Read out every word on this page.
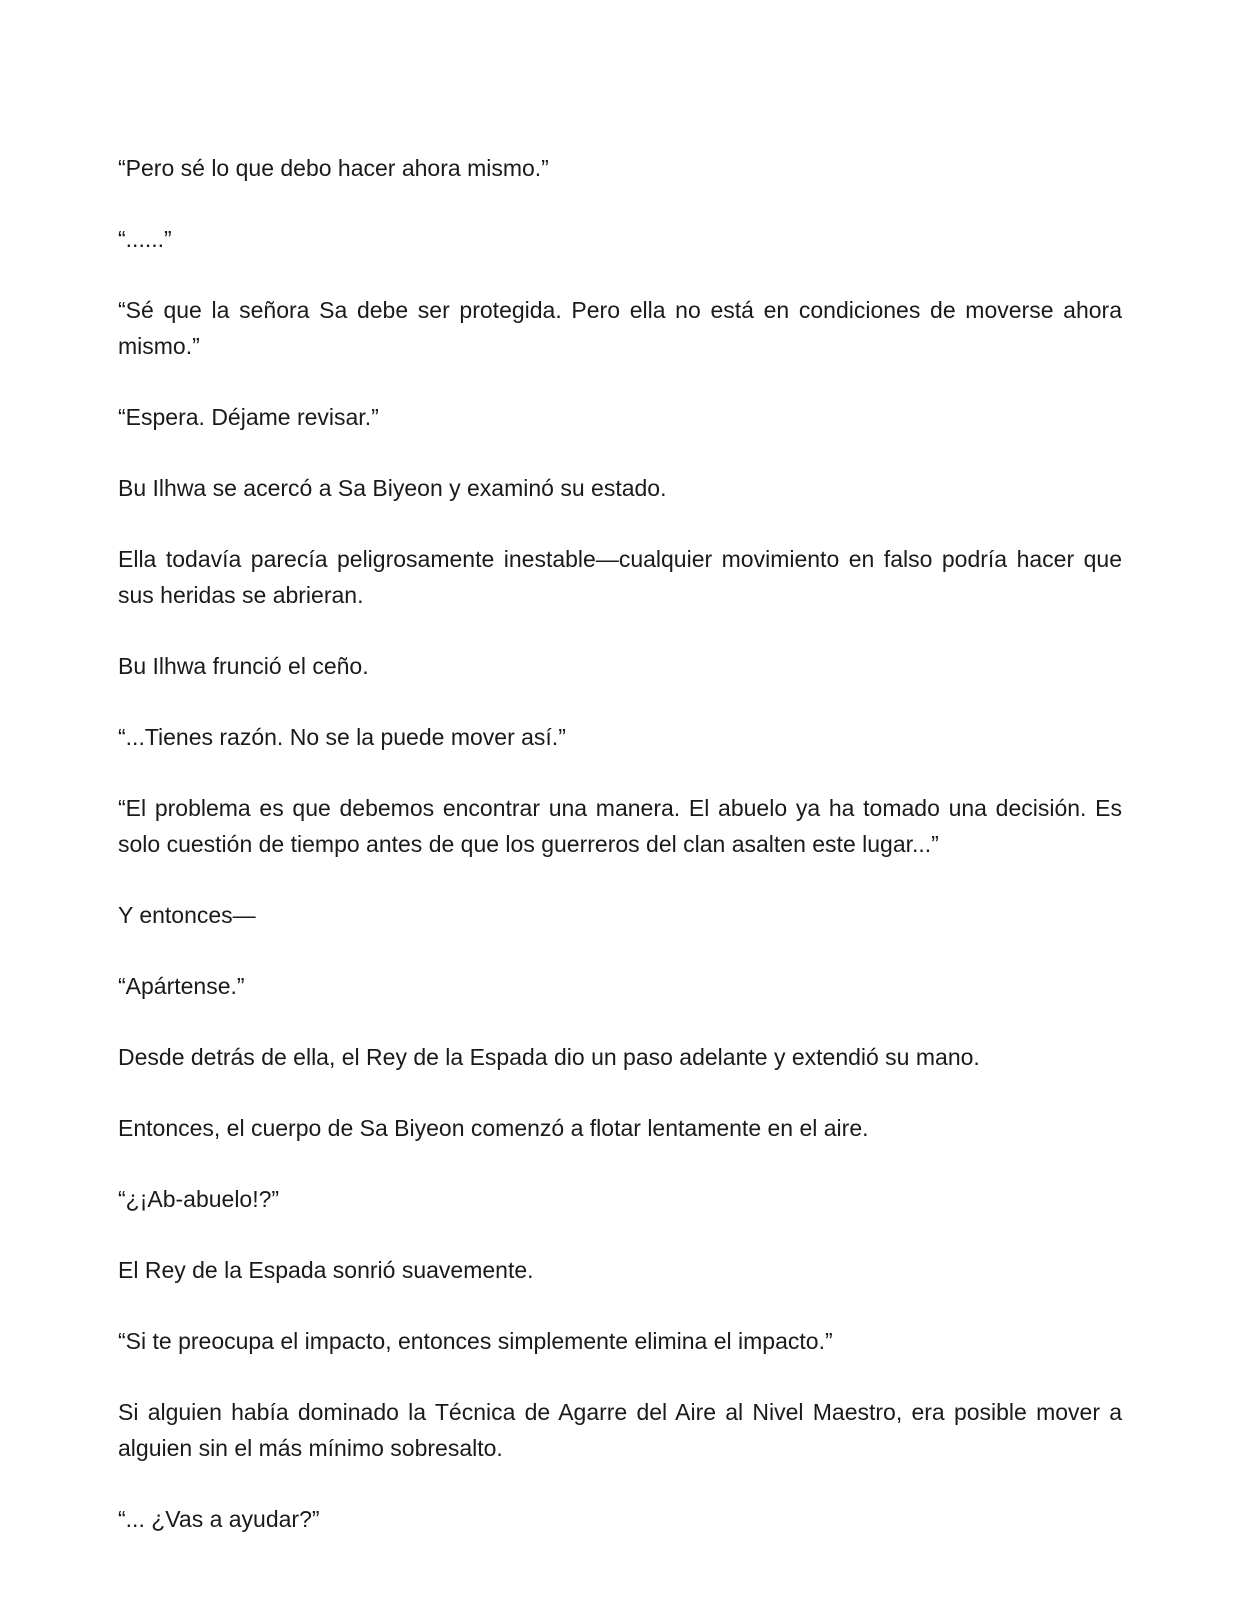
“Pero sé lo que debo hacer ahora mismo.”

“......”

“Sé que la señora Sa debe ser protegida. Pero ella no está en condiciones de moverse ahora mismo.”

“Espera. Déjame revisar.”

Bu Ilhwa se acercó a Sa Biyeon y examinó su estado.

Ella todavía parecía peligrosamente inestable—cualquier movimiento en falso podría hacer que sus heridas se abrieran.

Bu Ilhwa frunció el ceño.

“...Tienes razón. No se la puede mover así.”

“El problema es que debemos encontrar una manera. El abuelo ya ha tomado una decisión. Es solo cuestión de tiempo antes de que los guerreros del clan asalten este lugar...”

Y entonces—

“Apártense.”

Desde detrás de ella, el Rey de la Espada dio un paso adelante y extendió su mano.

Entonces, el cuerpo de Sa Biyeon comenzó a flotar lentamente en el aire.

“¿¡Ab-abuelo!?”

El Rey de la Espada sonrió suavemente.

“Si te preocupa el impacto, entonces simplemente elimina el impacto.”

Si alguien había dominado la Técnica de Agarre del Aire al Nivel Maestro, era posible mover a alguien sin el más mínimo sobresalto.

“... ¿Vas a ayudar?”
